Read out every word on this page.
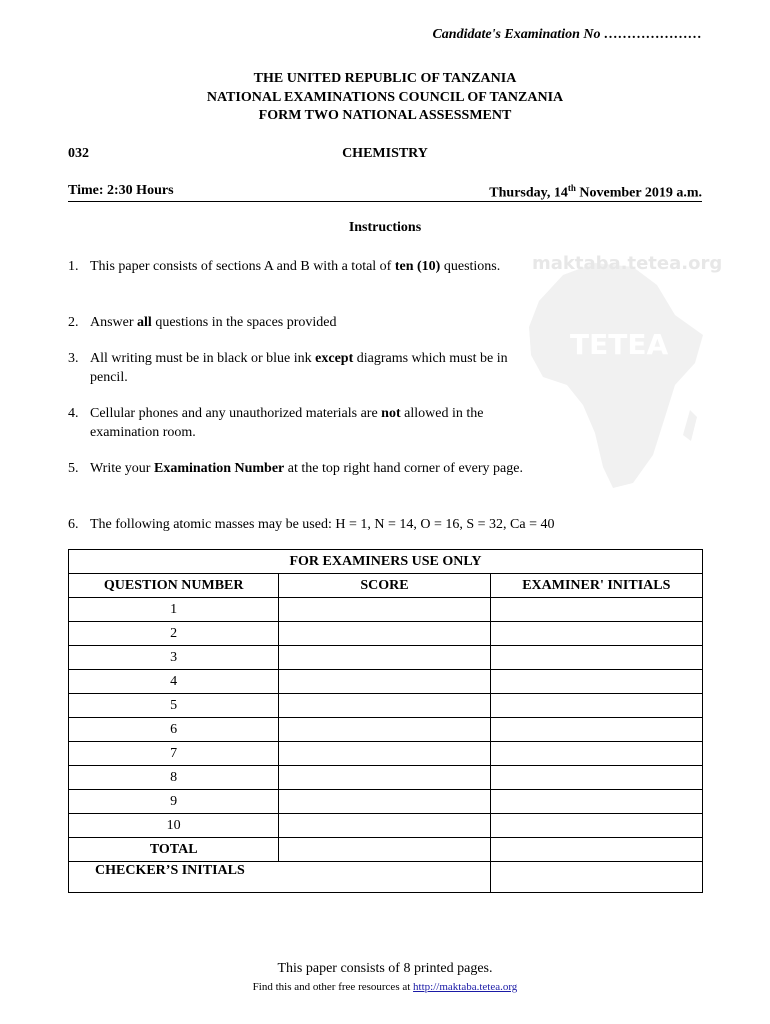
Candidate's Examination No …………………
THE UNITED REPUBLIC OF TANZANIA
NATIONAL EXAMINATIONS COUNCIL OF TANZANIA
FORM TWO NATIONAL ASSESSMENT
032	CHEMISTRY
Time: 2:30 Hours	Thursday, 14th November 2019 a.m.
maktaba.tetea.org
TETEA
Instructions
1. This paper consists of sections A and B with a total of ten (10) questions.
2. Answer all questions in the spaces provided
3. All writing must be in black or blue ink except diagrams which must be in pencil.
4. Cellular phones and any unauthorized materials are not allowed in the examination room.
5. Write your Examination Number at the top right hand corner of every page.
6. The following atomic masses may be used: H = 1, N = 14, O = 16, S = 32, Ca = 40
FOR EXAMINERS USE ONLY		
QUESTION NUMBER	SCORE	EXAMINER' INITIALS
1		
2		
3		
4		
5		
6		
7		
8		
9		
10		
TOTAL		
CHECKER’S INITIALS		
This paper consists of 8 printed pages.
Find this and other free resources at http://maktaba.tetea.org
